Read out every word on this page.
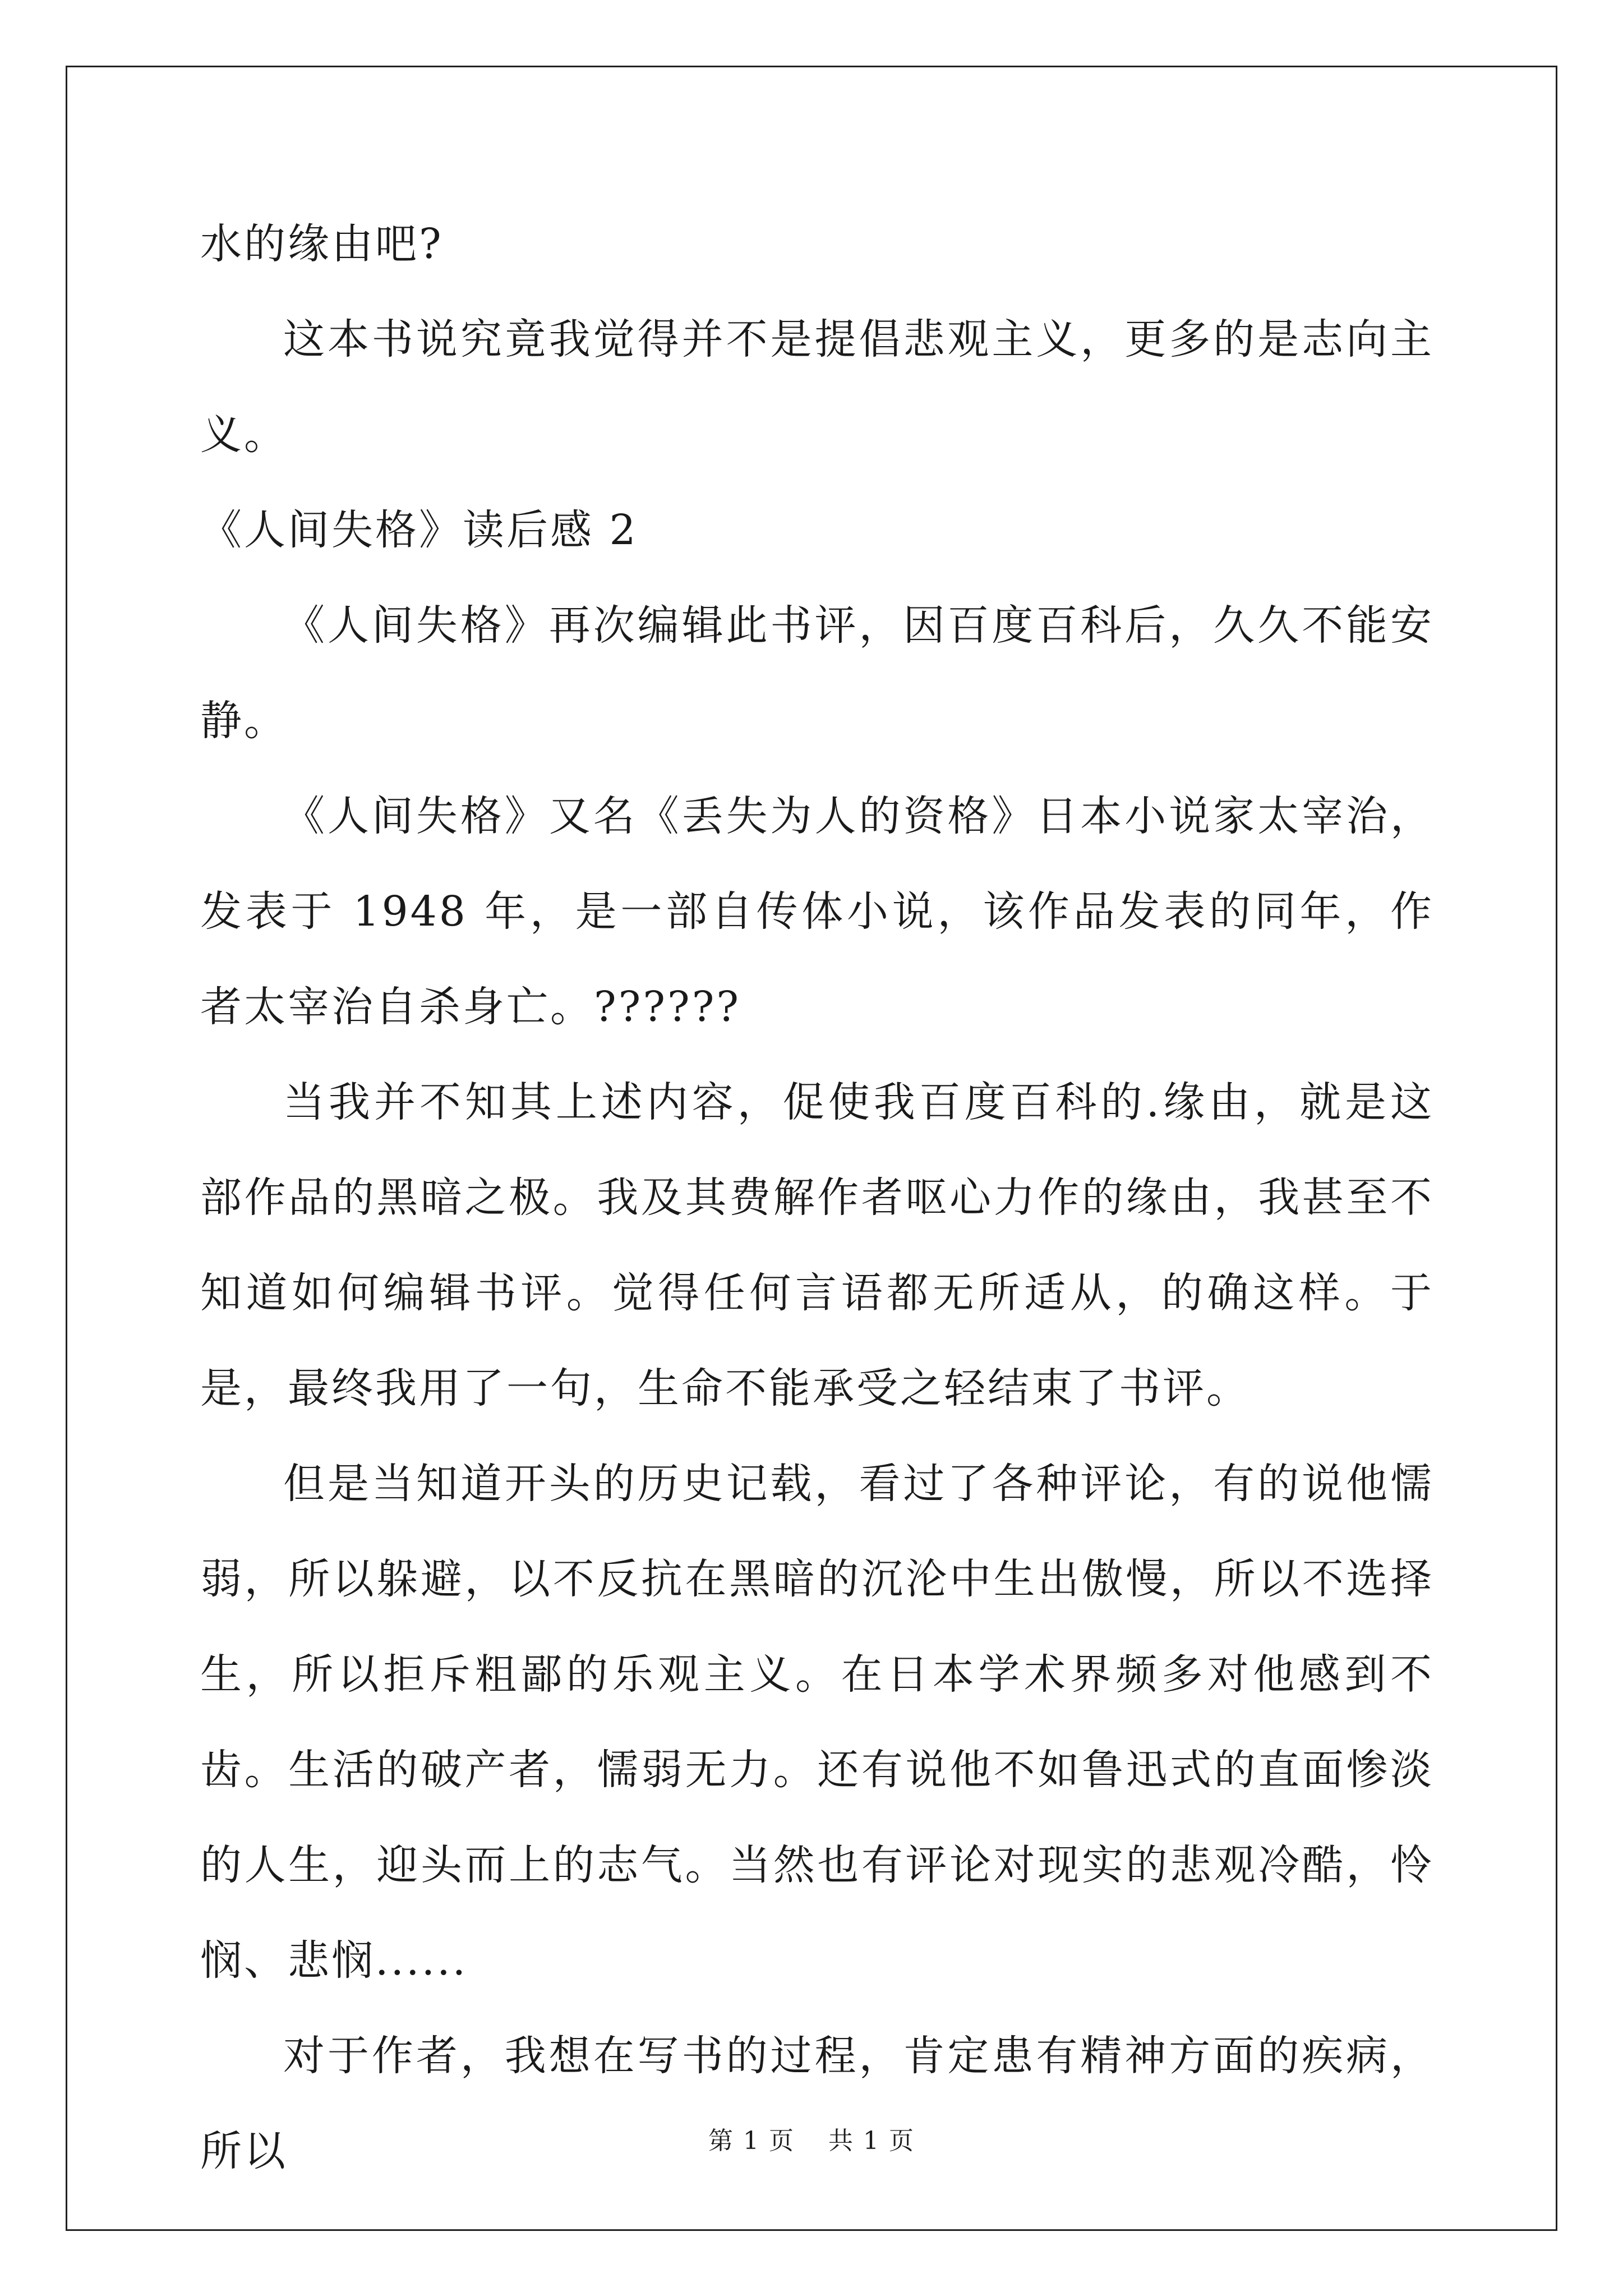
水的缘由吧?

这本书说究竟我觉得并不是提倡悲观主义，更多的是志向主义。

《人间失格》读后感 2

《人间失格》再次编辑此书评，因百度百科后，久久不能安静。

《人间失格》又名《丢失为人的资格》日本小说家太宰治，发表于 1948 年，是一部自传体小说，该作品发表的同年，作者太宰治自杀身亡。??????

当我并不知其上述内容，促使我百度百科的.缘由，就是这部作品的黑暗之极。我及其费解作者呕心力作的缘由，我甚至不知道如何编辑书评。觉得任何言语都无所适从，的确这样。于是，最终我用了一句，生命不能承受之轻结束了书评。

但是当知道开头的历史记载，看过了各种评论，有的说他懦弱，所以躲避，以不反抗在黑暗的沉沦中生出傲慢，所以不选择生，所以拒斥粗鄙的乐观主义。在日本学术界频多对他感到不齿。生活的破产者，懦弱无力。还有说他不如鲁迅式的直面惨淡的人生，迎头而上的志气。当然也有评论对现实的悲观冷酷，怜悯、悲悯......

对于作者，我想在写书的过程，肯定患有精神方面的疾病，所以	第 1 页 共 1 页
